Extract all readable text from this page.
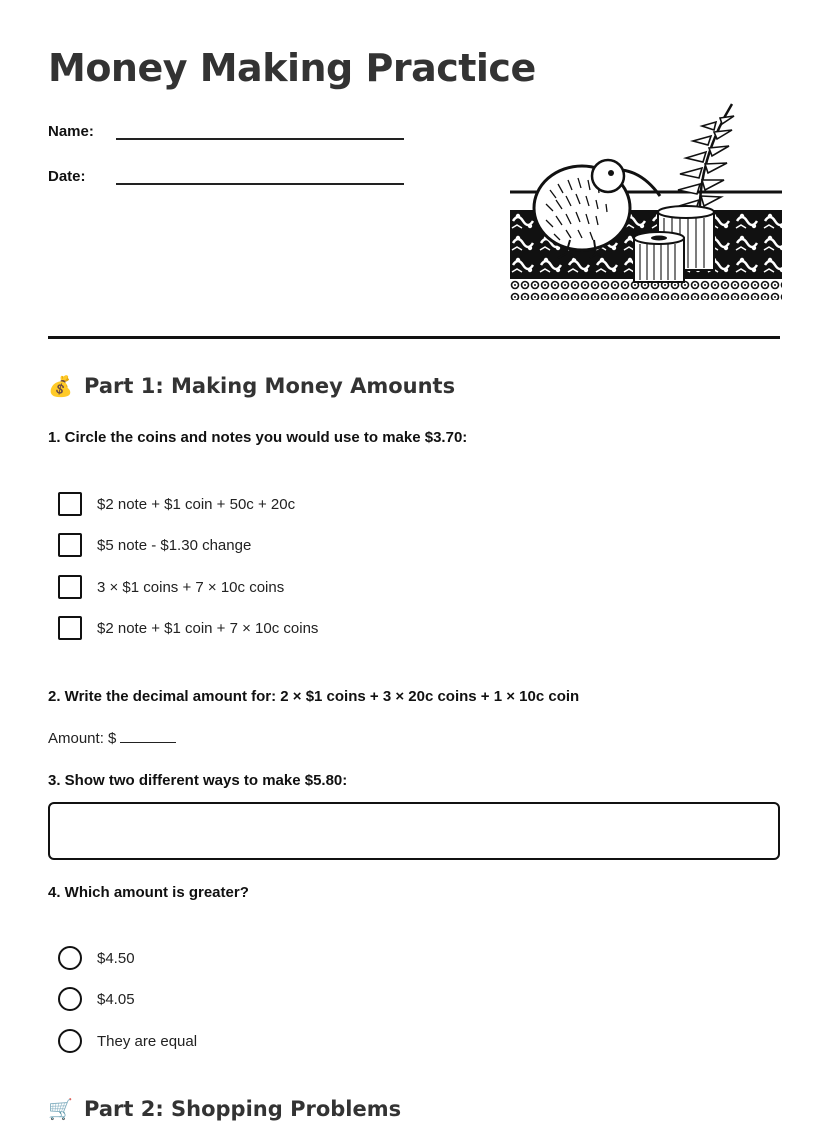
Money Making Practice
Name:
Date:
💰 Part 1: Making Money Amounts

1. Circle the coins and notes you would use to make $3.70:

$2 note + $1 coin + 50c + 20c
$5 note - $1.30 change
3 × $1 coins + 7 × 10c coins
$2 note + $1 coin + 7 × 10c coins

2. Write the decimal amount for: 2 × $1 coins + 3 × 20c coins + 1 × 10c coin

Amount: $

3. Show two different ways to make $5.80:

4. Which amount is greater?

$4.50
$4.05
They are equal
🛒 Part 2: Shopping Problems
